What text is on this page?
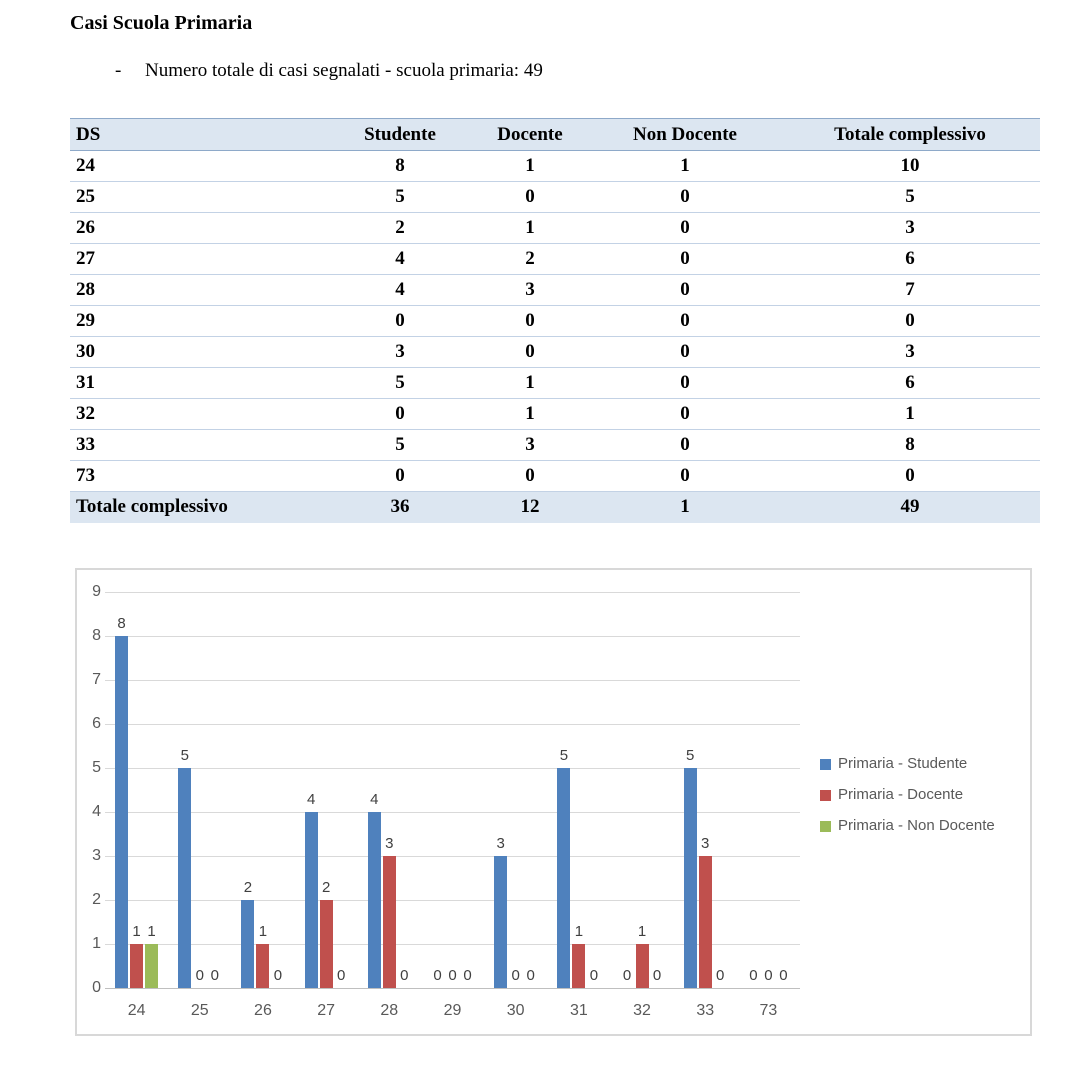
Casi Scuola Primaria
- Numero totale di casi segnalati - scuola primaria: 49
DS	Studente	Docente	Non Docente	Totale complessivo
24	8	1	1	10
25	5	0	0	5
26	2	1	0	3
27	4	2	0	6
28	4	3	0	7
29	0	0	0	0
30	3	0	0	3
31	5	1	0	6
32	0	1	0	1
33	5	3	0	8
73	0	0	0	0
Totale complessivo	36	12	1	49
Primaria - Studente
Primaria - Docente
Primaria - Non Docente
0
1
2
3
4
5
6
7
8
9
24
8
1 1
25
5
0 0
26
2
1
0
27
4
2
0
28
4
3
0
29
0 0 0
30
3
0 0
31
5
1
0
32
0
1
0
33
5
3
0
73
0 0 0
